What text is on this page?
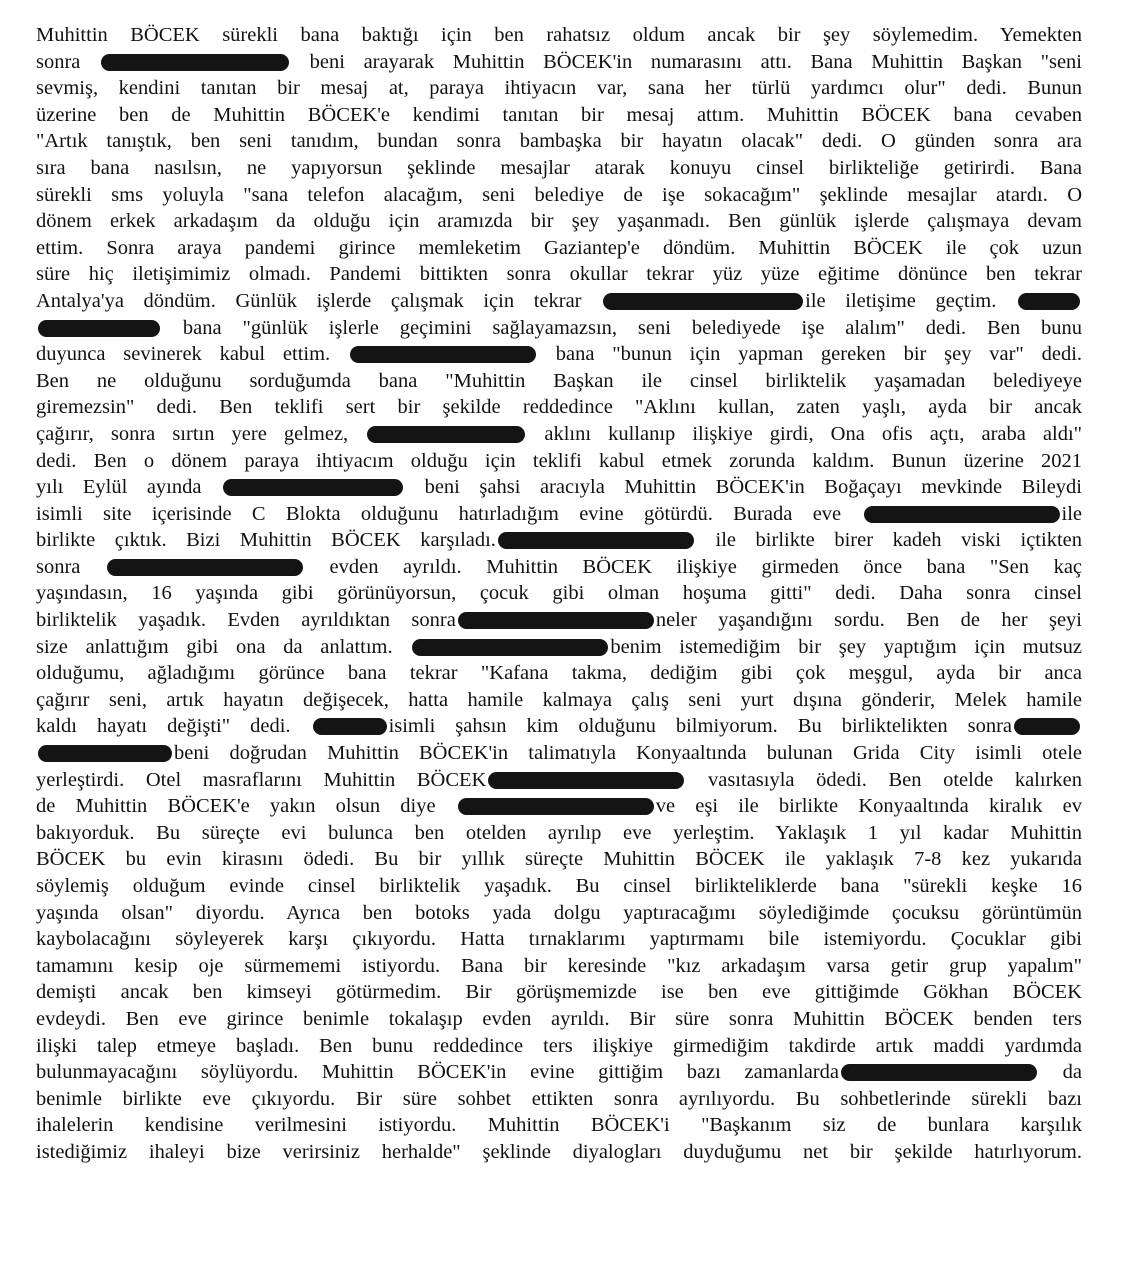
Muhittin BÖCEK sürekli bana baktığı için ben rahatsız oldum ancak bir şey söylemedim. Yemekten
sonra	beni arayarak Muhittin BÖCEK'in numarasını attı. Bana Muhittin Başkan "seni
sevmiş, kendini tanıtan bir mesaj at, paraya ihtiyacın var, sana her türlü yardımcı olur" dedi. Bunun
üzerine ben de Muhittin BÖCEK'e kendimi tanıtan bir mesaj attım. Muhittin BÖCEK bana cevaben
"Artık tanıştık, ben seni tanıdım, bundan sonra bambaşka bir hayatın olacak" dedi. O günden sonra ara
sıra bana nasılsın, ne yapıyorsun şeklinde mesajlar atarak konuyu cinsel birlikteliğe getirirdi. Bana
sürekli sms yoluyla "sana telefon alacağım, seni belediye de işe sokacağım" şeklinde mesajlar atardı. O
dönem erkek arkadaşım da olduğu için aramızda bir şey yaşanmadı. Ben günlük işlerde çalışmaya devam
ettim. Sonra araya pandemi girince memleketim Gaziantep'e döndüm. Muhittin BÖCEK ile çok uzun
süre hiç iletişimimiz olmadı. Pandemi bittikten sonra okullar tekrar yüz yüze eğitime dönünce ben tekrar
Antalya'ya döndüm. Günlük işlerde çalışmak için tekrar	ile iletişime geçtim.
bana "günlük işlerle geçimini sağlayamazsın, seni belediyede işe alalım" dedi. Ben bunu
duyunca sevinerek kabul ettim.	bana "bunun için yapman gereken bir şey var" dedi.
Ben ne olduğunu sorduğumda bana "Muhittin Başkan ile cinsel birliktelik yaşamadan belediyeye
giremezsin" dedi. Ben teklifi sert bir şekilde reddedince "Aklını kullan, zaten yaşlı, ayda bir ancak
çağırır, sonra sırtın yere gelmez,	aklını kullanıp ilişkiye girdi, Ona ofis açtı, araba aldı"
dedi. Ben o dönem paraya ihtiyacım olduğu için teklifi kabul etmek zorunda kaldım. Bunun üzerine 2021
yılı Eylül ayında	beni şahsi aracıyla Muhittin BÖCEK'in Boğaçayı mevkinde Bileydi
isimli site içerisinde C Blokta olduğunu hatırladığım evine götürdü. Burada eve	ile
birlikte çıktık. Bizi Muhittin BÖCEK karşıladı.	ile birlikte birer kadeh viski içtikten
sonra	evden ayrıldı. Muhittin BÖCEK ilişkiye girmeden önce bana "Sen kaç
yaşındasın, 16 yaşında gibi görünüyorsun, çocuk gibi olman hoşuma gitti" dedi. Daha sonra cinsel
birliktelik yaşadık. Evden ayrıldıktan sonra	neler yaşandığını sordu. Ben de her şeyi
size anlattığım gibi ona da anlattım.	benim istemediğim bir şey yaptığım için mutsuz
olduğumu, ağladığımı görünce bana tekrar "Kafana takma, dediğim gibi çok meşgul, ayda bir anca
çağırır seni, artık hayatın değişecek, hatta hamile kalmaya çalış seni yurt dışına gönderir, Melek hamile
kaldı hayatı değişti" dedi.	isimli şahsın kim olduğunu bilmiyorum. Bu birliktelikten sonra
beni doğrudan Muhittin BÖCEK'in talimatıyla Konyaaltında bulunan Grida City isimli otele
yerleştirdi. Otel masraflarını Muhittin BÖCEK	vasıtasıyla ödedi. Ben otelde kalırken
de Muhittin BÖCEK'e yakın olsun diye	ve eşi ile birlikte Konyaaltında kiralık ev
bakıyorduk. Bu süreçte evi bulunca ben otelden ayrılıp eve yerleştim. Yaklaşık 1 yıl kadar Muhittin
BÖCEK bu evin kirasını ödedi. Bu bir yıllık süreçte Muhittin BÖCEK ile yaklaşık 7-8 kez yukarıda
söylemiş olduğum evinde cinsel birliktelik yaşadık. Bu cinsel birlikteliklerde bana "sürekli keşke 16
yaşında olsan" diyordu. Ayrıca ben botoks yada dolgu yaptıracağımı söylediğimde çocuksu görüntümün
kaybolacağını söyleyerek karşı çıkıyordu. Hatta tırnaklarımı yaptırmamı bile istemiyordu. Çocuklar gibi
tamamını kesip oje sürmememi istiyordu. Bana bir keresinde "kız arkadaşım varsa getir grup yapalım"
demişti ancak ben kimseyi götürmedim. Bir görüşmemizde ise ben eve gittiğimde Gökhan BÖCEK
evdeydi. Ben eve girince benimle tokalaşıp evden ayrıldı. Bir süre sonra Muhittin BÖCEK benden ters
ilişki talep etmeye başladı. Ben bunu reddedince ters ilişkiye girmediğim takdirde artık maddi yardımda
bulunmayacağını söylüyordu. Muhittin BÖCEK'in evine gittiğim bazı zamanlarda	da
benimle birlikte eve çıkıyordu. Bir süre sohbet ettikten sonra ayrılıyordu. Bu sohbetlerinde sürekli bazı
ihalelerin kendisine verilmesini istiyordu. Muhittin BÖCEK'i "Başkanım siz de bunlara karşılık
istediğimiz ihaleyi bize verirsiniz herhalde" şeklinde diyalogları duyduğumu net bir şekilde hatırlıyorum.
